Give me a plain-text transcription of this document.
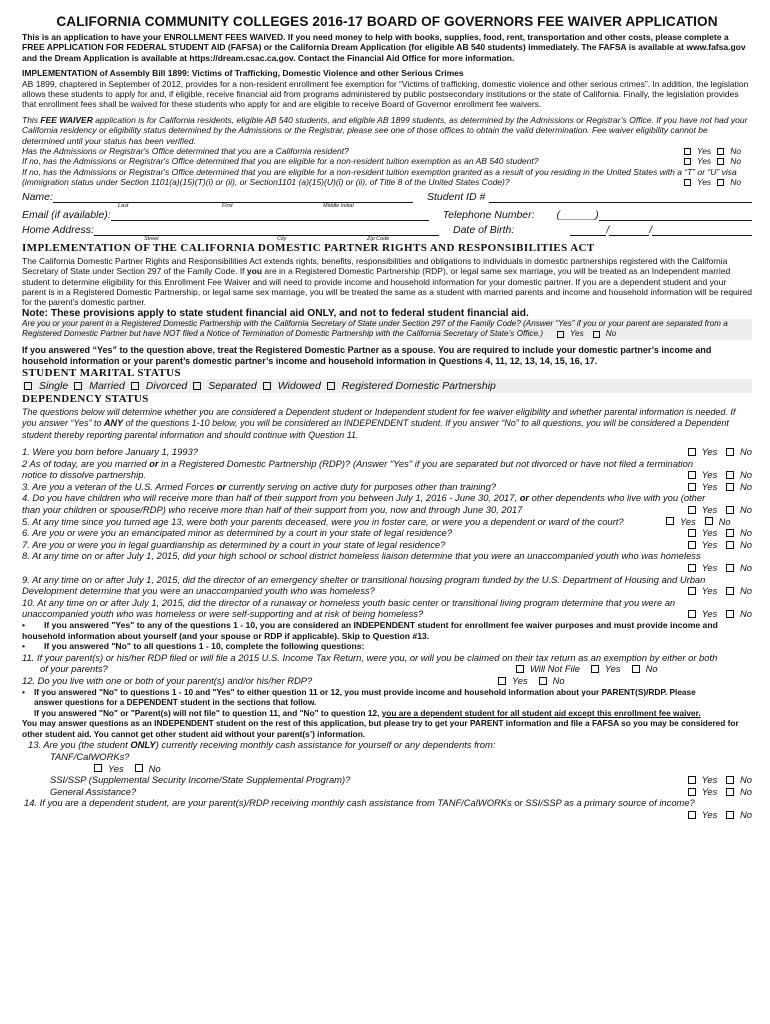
CALIFORNIA COMMUNITY COLLEGES 2016-17 BOARD OF GOVERNORS FEE WAIVER APPLICATION

This is an application to have your ENROLLMENT FEES WAIVED. If you need money to help with books, supplies, food, rent, transportation and other costs, please complete a FREE APPLICATION FOR FEDERAL STUDENT AID (FAFSA) or the California Dream Application (for eligible AB 540 students) immediately. The FAFSA is available at www.fafsa.gov and the Dream Application is available at https://dream.csac.ca.gov. Contact the Financial Aid Office for more information.

IMPLEMENTATION of Assembly Bill 1899: Victims of Trafficking, Domestic Violence and other Serious Crimes

AB 1899, chaptered in September of 2012, provides for a non-resident enrollment fee exemption for “Victims of trafficking, domestic violence and other serious crimes”. In addition, the legislation allows these students to apply for and, if eligible, receive financial aid from programs administered by public postsecondary institutions or the state of California. Finally, the legislation provides that enrollment fees shall be waived for these students who apply for and are eligible to receive Board of Governor enrollment fee waivers.

This FEE WAIVER application is for California residents, eligible AB 540 students, and eligible AB 1899 students, as determined by the Admissions or Registrar’s Office. If you have not had your California residency or eligibility status determined by the Admissions or the Registrar, please see one of those offices to obtain the valid determination. Fee waiver eligibility cannot be determined until your status has been verified.

Has the Admissions or Registrar's Office determined that you are a California resident?	Yes No
If no, has the Admissions or Registrar's Office determined that you are eligible for a non-resident tuition exemption as an AB 540 student?	Yes No

If no, has the Admissions or Registrar's Office determined that you are eligible for a non-resident tuition exemption granted as a result of you residing in the United States with a “T” or “U” visa

(immigration status under Section 1101(a)(15)(T)(i) or (ii), or Section1101 (a)(15)(U)(i) or (ii), of Title 8 of the United States Code)?	Yes No
Name:	Student ID #
Last	First	Middle Initial
Email (if available):	Telephone Number: (______)
Home Address:	Date of Birth:	/	/
Street	City	Zip Code

IMPLEMENTATION OF THE CALIFORNIA DOMESTIC PARTNER RIGHTS AND RESPONSIBILITIES ACT

The California Domestic Partner Rights and Responsibilities Act extends rights, benefits, responsibilities and obligations to individuals in domestic partnerships registered with the California Secretary of State under Section 297 of the Family Code. If you are in a Registered Domestic Partnership (RDP), or legal same sex marriage, you will be treated as an Independent married student to determine eligibility for this Enrollment Fee Waiver and will need to provide income and household information for your domestic partner. If you are a dependent student and your parent is in a Registered Domestic Partnership, or legal same sex marriage, you will be treated the same as a student with married parents and income and household information will be required for the parent’s domestic partner.

Note: These provisions apply to state student financial aid ONLY, and not to federal student financial aid.

Are you or your parent in a Registered Domestic Partnership with the California Secretary of State under Section 297 of the Family Code? (Answer “Yes” if you or your parent are separated from a

Registered Domestic Partner but have NOT filed a Notice of Termination of Domestic Partnership with the California Secretary of State’s Office.)	Yes	No

If you answered “Yes” to the question above, treat the Registered Domestic Partner as a spouse. You are required to include your domestic partner’s income and household information or your parent’s domestic partner’s income and household information in Questions 4, 11, 12, 13, 14, 15, 16, 17.

STUDENT MARITAL STATUS

Single Married Divorced Separated Widowed Registered Domestic Partnership

DEPENDENCY STATUS

The questions below will determine whether you are considered a Dependent student or Independent student for fee waiver eligibility and whether parental information is needed. If you answer “Yes” to ANY of the questions 1-10 below, you will be considered an INDEPENDENT student. If you answer “No” to all questions, you will be considered a Dependent student thereby reporting parental information and should continue with Question 11.

1. Were you born before January 1, 1993?	Yes No

2 As of today, are you married or in a Registered Domestic Partnership (RDP)? (Answer "Yes" if you are separated but not divorced or have not filed a termination

notice to dissolve partnership.	Yes No
3. Are you a veteran of the U.S. Armed Forces or currently serving on active duty for purposes other than training?	Yes No

4. Do you have children who will receive more than half of their support from you between July 1, 2016 - June 30, 2017, or other dependents who live with you (other

than your children or spouse/RDP) who receive more than half of their support from you, now and through June 30, 2017	Yes No
5. At any time since you turned age 13, were both your parents deceased, were you in foster care, or were you a dependent or ward of the court?	Yes No
6. Are you or were you an emancipated minor as determined by a court in your state of legal residence?	Yes No
7. Are you or were you in legal guardianship as determined by a court in your state of legal residence?	Yes No

8. At any time on or after July 1, 2015, did your high school or school district homeless liaison determine that you were an unaccompanied youth who was homeless

Yes No

9. At any time on or after July 1, 2015, did the director of an emergency shelter or transitional housing program funded by the U.S. Department of Housing and Urban

Development determine that you were an unaccompanied youth who was homeless?	Yes No

10. At any time on or after July 1, 2015, did the director of a runaway or homeless youth basic center or transitional living program determine that you were an

unaccompanied youth who was homeless or were self-supporting and at risk of being homeless?	Yes No
•	If you answered "Yes" to any of the questions 1 - 10, you are considered an INDEPENDENT student for enrollment fee waiver purposes and must provide income and

household information about yourself (and your spouse or RDP if applicable). Skip to Question #13.

•	If you answered "No" to all questions 1 - 10, complete the following questions:

11. If your parent(s) or his/her RDP filed or will file a 2015 U.S. Income Tax Return, were you, or will you be claimed on their tax return as an exemption by either or both

of your parents?	Will Not File	Yes	No
12. Do you live with one or both of your parent(s) and/or his/her RDP?	Yes	No
•	If you answered "No" to questions 1 - 10 and "Yes" to either question 11 or 12, you must provide income and household information about your PARENT(S)/RDP. Please

answer questions for a DEPENDENT student in the sections that follow.

If you answered "No" or "Parent(s) will not file" to question 11, and "No" to question 12, you are a dependent student for all student aid except this enrollment fee waiver.

You may answer questions as an INDEPENDENT student on the rest of this application, but please try to get your PARENT information and file a FAFSA so you may be considered for other student aid. You cannot get other student aid without your parent(s’) information.

13. Are you (the student ONLY) currently receiving monthly cash assistance for yourself or any dependents from:

TANF/CalWORKs?

Yes	No
SSI/SSP (Supplemental Security Income/State Supplemental Program)?	Yes No
General Assistance?	Yes No

14. If you are a dependent student, are your parent(s)/RDP receiving monthly cash assistance from TANF/CalWORKs or SSI/SSP as a primary source of income?

Yes No
